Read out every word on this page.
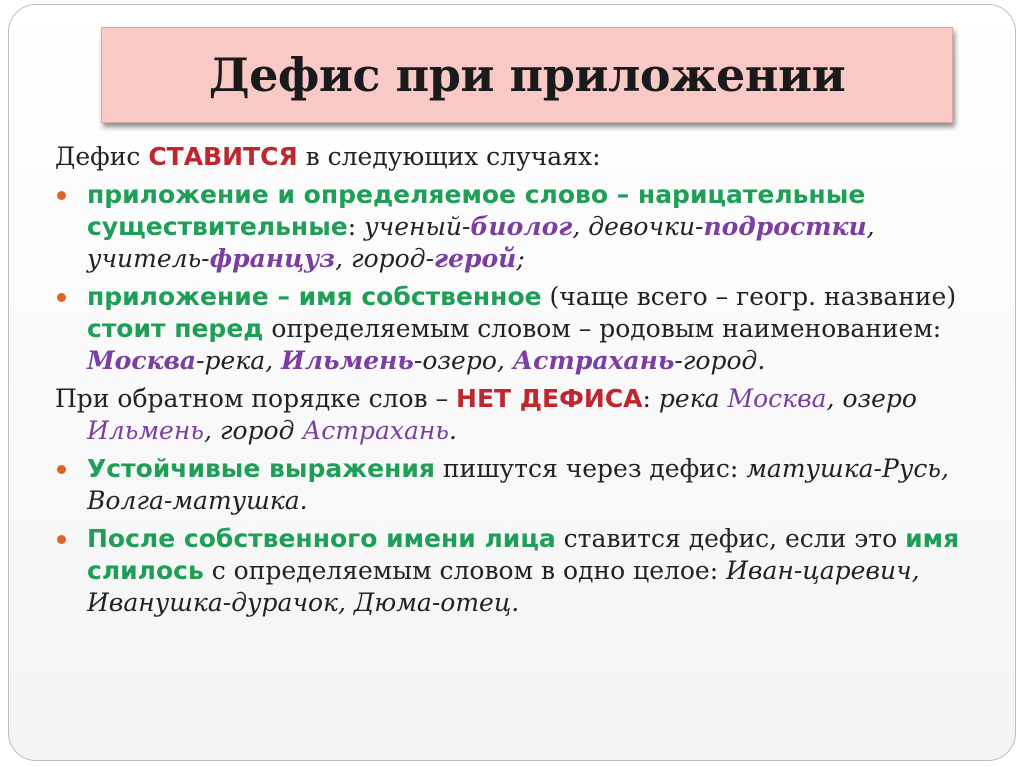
Дефис при приложении

Дефис СТАВИТСЯ в следующих случаях:

приложение и определяемое слово – нарицательные существительные: ученый-биолог, девочки-подростки, учитель-француз, город-герой;
приложение – имя собственное (чаще всего – геогр. название) стоит перед определяемым словом – родовым наименованием: Москва-река, Ильмень-озеро, Астрахань-город.

При обратном порядке слов – НЕТ ДЕФИСА: река Москва, озеро Ильмень, город Астрахань.

Устойчивые выражения пишутся через дефис: матушка-Русь, Волга-матушка.
После собственного имени лица ставится дефис, если это имя слилось с определяемым словом в одно целое: Иван-царевич, Иванушка-дурачок, Дюма-отец.
